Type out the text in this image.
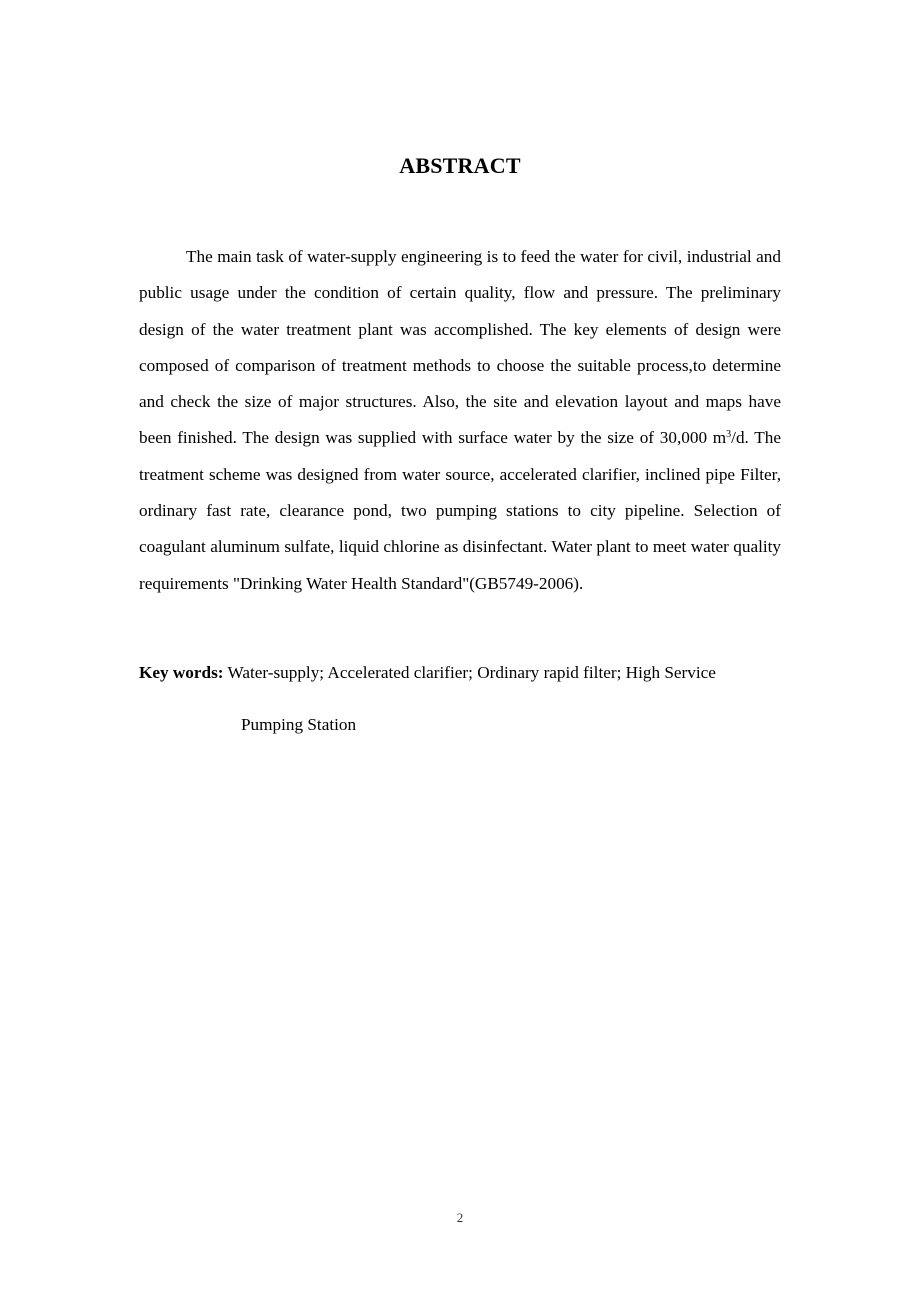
ABSTRACT

The main task of water-supply engineering is to feed the water for civil, industrial and public usage under the condition of certain quality, flow and pressure. The preliminary design of the water treatment plant was accomplished. The key elements of design were composed of comparison of treatment methods to choose the suitable process,to determine and check the size of major structures. Also, the site and elevation layout and maps have been finished. The design was supplied with surface water by the size of 30,000 $m^3/d$. The treatment scheme was designed from water source, accelerated clarifier, inclined pipe Filter, ordinary fast rate, clearance pond, two pumping stations to city pipeline. Selection of coagulant aluminum sulfate, liquid chlorine as disinfectant. Water plant to meet water quality requirements "Drinking Water Health Standard"(GB5749-2006).

Key words: Water-supply; Accelerated clarifier; Ordinary rapid filter; High Service

Pumping Station

2
